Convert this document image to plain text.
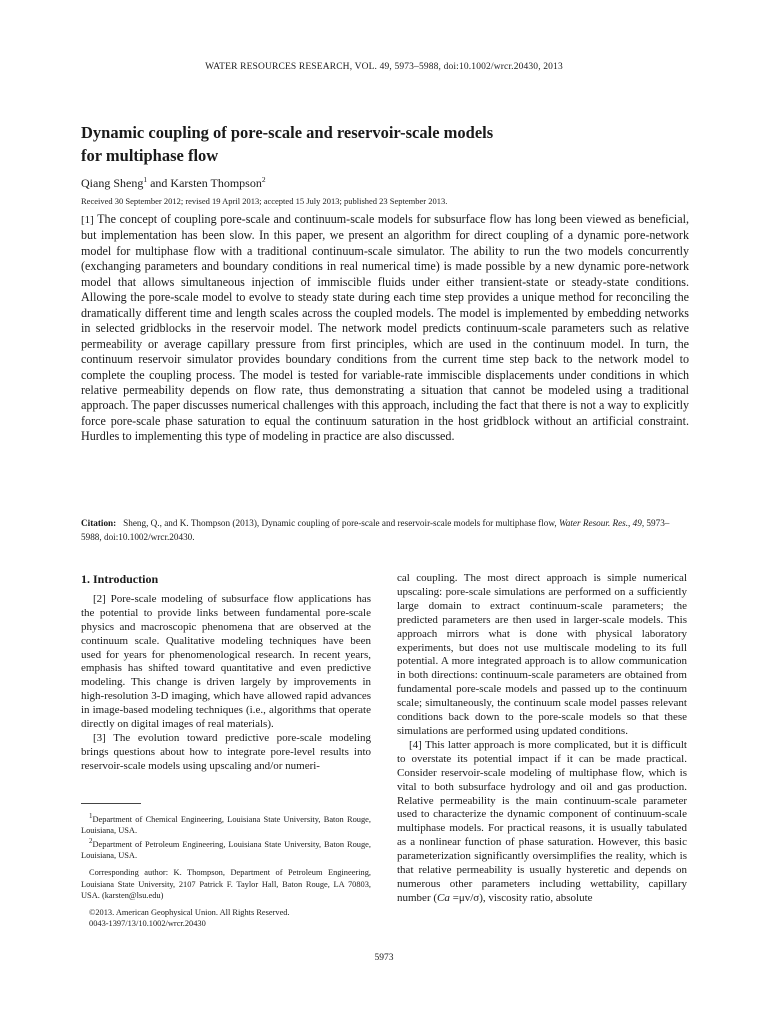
WATER RESOURCES RESEARCH, VOL. 49, 5973–5988, doi:10.1002/wrcr.20430, 2013
Dynamic coupling of pore-scale and reservoir-scale models
for multiphase flow
Qiang Sheng$^1$ and Karsten Thompson$^2$
Received 30 September 2012; revised 19 April 2013; accepted 15 July 2013; published 23 September 2013.
[1] The concept of coupling pore-scale and continuum-scale models for subsurface flow has long been viewed as beneficial, but implementation has been slow. In this paper, we present an algorithm for direct coupling of a dynamic pore-network model for multiphase flow with a traditional continuum-scale simulator. The ability to run the two models concurrently (exchanging parameters and boundary conditions in real numerical time) is made possible by a new dynamic pore-network model that allows simultaneous injection of immiscible fluids under either transient-state or steady-state conditions. Allowing the pore-scale model to evolve to steady state during each time step provides a unique method for reconciling the dramatically different time and length scales across the coupled models. The model is implemented by embedding networks in selected gridblocks in the reservoir model. The network model predicts continuum-scale parameters such as relative permeability or average capillary pressure from first principles, which are used in the continuum model. In turn, the continuum reservoir simulator provides boundary conditions from the current time step back to the network model to complete the coupling process. The model is tested for variable-rate immiscible displacements under conditions in which relative permeability depends on flow rate, thus demonstrating a situation that cannot be modeled using a traditional approach. The paper discusses numerical challenges with this approach, including the fact that there is not a way to explicitly force pore-scale phase saturation to equal the continuum saturation in the host gridblock without an artificial constraint. Hurdles to implementing this type of modeling in practice are also discussed.
Citation: Sheng, Q., and K. Thompson (2013), Dynamic coupling of pore-scale and reservoir-scale models for multiphase flow, Water Resour. Res., 49, 5973–5988, doi:10.1002/wrcr.20430.
1. Introduction

[2] Pore-scale modeling of subsurface flow applications has the potential to provide links between fundamental pore-scale physics and macroscopic phenomena that are observed at the continuum scale. Qualitative modeling techniques have been used for years for phenomenological research. In recent years, emphasis has shifted toward quantitative and even predictive modeling. This change is driven largely by improvements in high-resolution 3-D imaging, which have allowed rapid advances in image-based modeling techniques (i.e., algorithms that operate directly on digital images of real materials).

[3] The evolution toward predictive pore-scale modeling brings questions about how to integrate pore-level results into reservoir-scale models using upscaling and/or numeri-

$^1$Department of Chemical Engineering, Louisiana State University, Baton Rouge, Louisiana, USA.

$^2$Department of Petroleum Engineering, Louisiana State University, Baton Rouge, Louisiana, USA.

Corresponding author: K. Thompson, Department of Petroleum Engineering, Louisiana State University, 2107 Patrick F. Taylor Hall, Baton Rouge, LA 70803, USA. (karsten@lsu.edu)

©2013. American Geophysical Union. All Rights Reserved.

0043-1397/13/10.1002/wrcr.20430

cal coupling. The most direct approach is simple numerical upscaling: pore-scale simulations are performed on a sufficiently large domain to extract continuum-scale parameters; the predicted parameters are then used in larger-scale models. This approach mirrors what is done with physical laboratory experiments, but does not use multiscale modeling to its full potential. A more integrated approach is to allow communication in both directions: continuum-scale parameters are obtained from fundamental pore-scale models and passed up to the continuum scale; simultaneously, the continuum scale model passes relevant conditions back down to the pore-scale models so that these simulations are performed using updated conditions.

[4] This latter approach is more complicated, but it is difficult to overstate its potential impact if it can be made practical. Consider reservoir-scale modeling of multiphase flow, which is vital to both subsurface hydrology and oil and gas production. Relative permeability is the main continuum-scale parameter used to characterize the dynamic component of continuum-scale multiphase models. For practical reasons, it is usually tabulated as a nonlinear function of phase saturation. However, this basic parameterization significantly oversimplifies the reality, which is that relative permeability is usually hysteretic and depends on numerous other parameters including wettability, capillary number (Ca =μv/σ), viscosity ratio, absolute

5973
